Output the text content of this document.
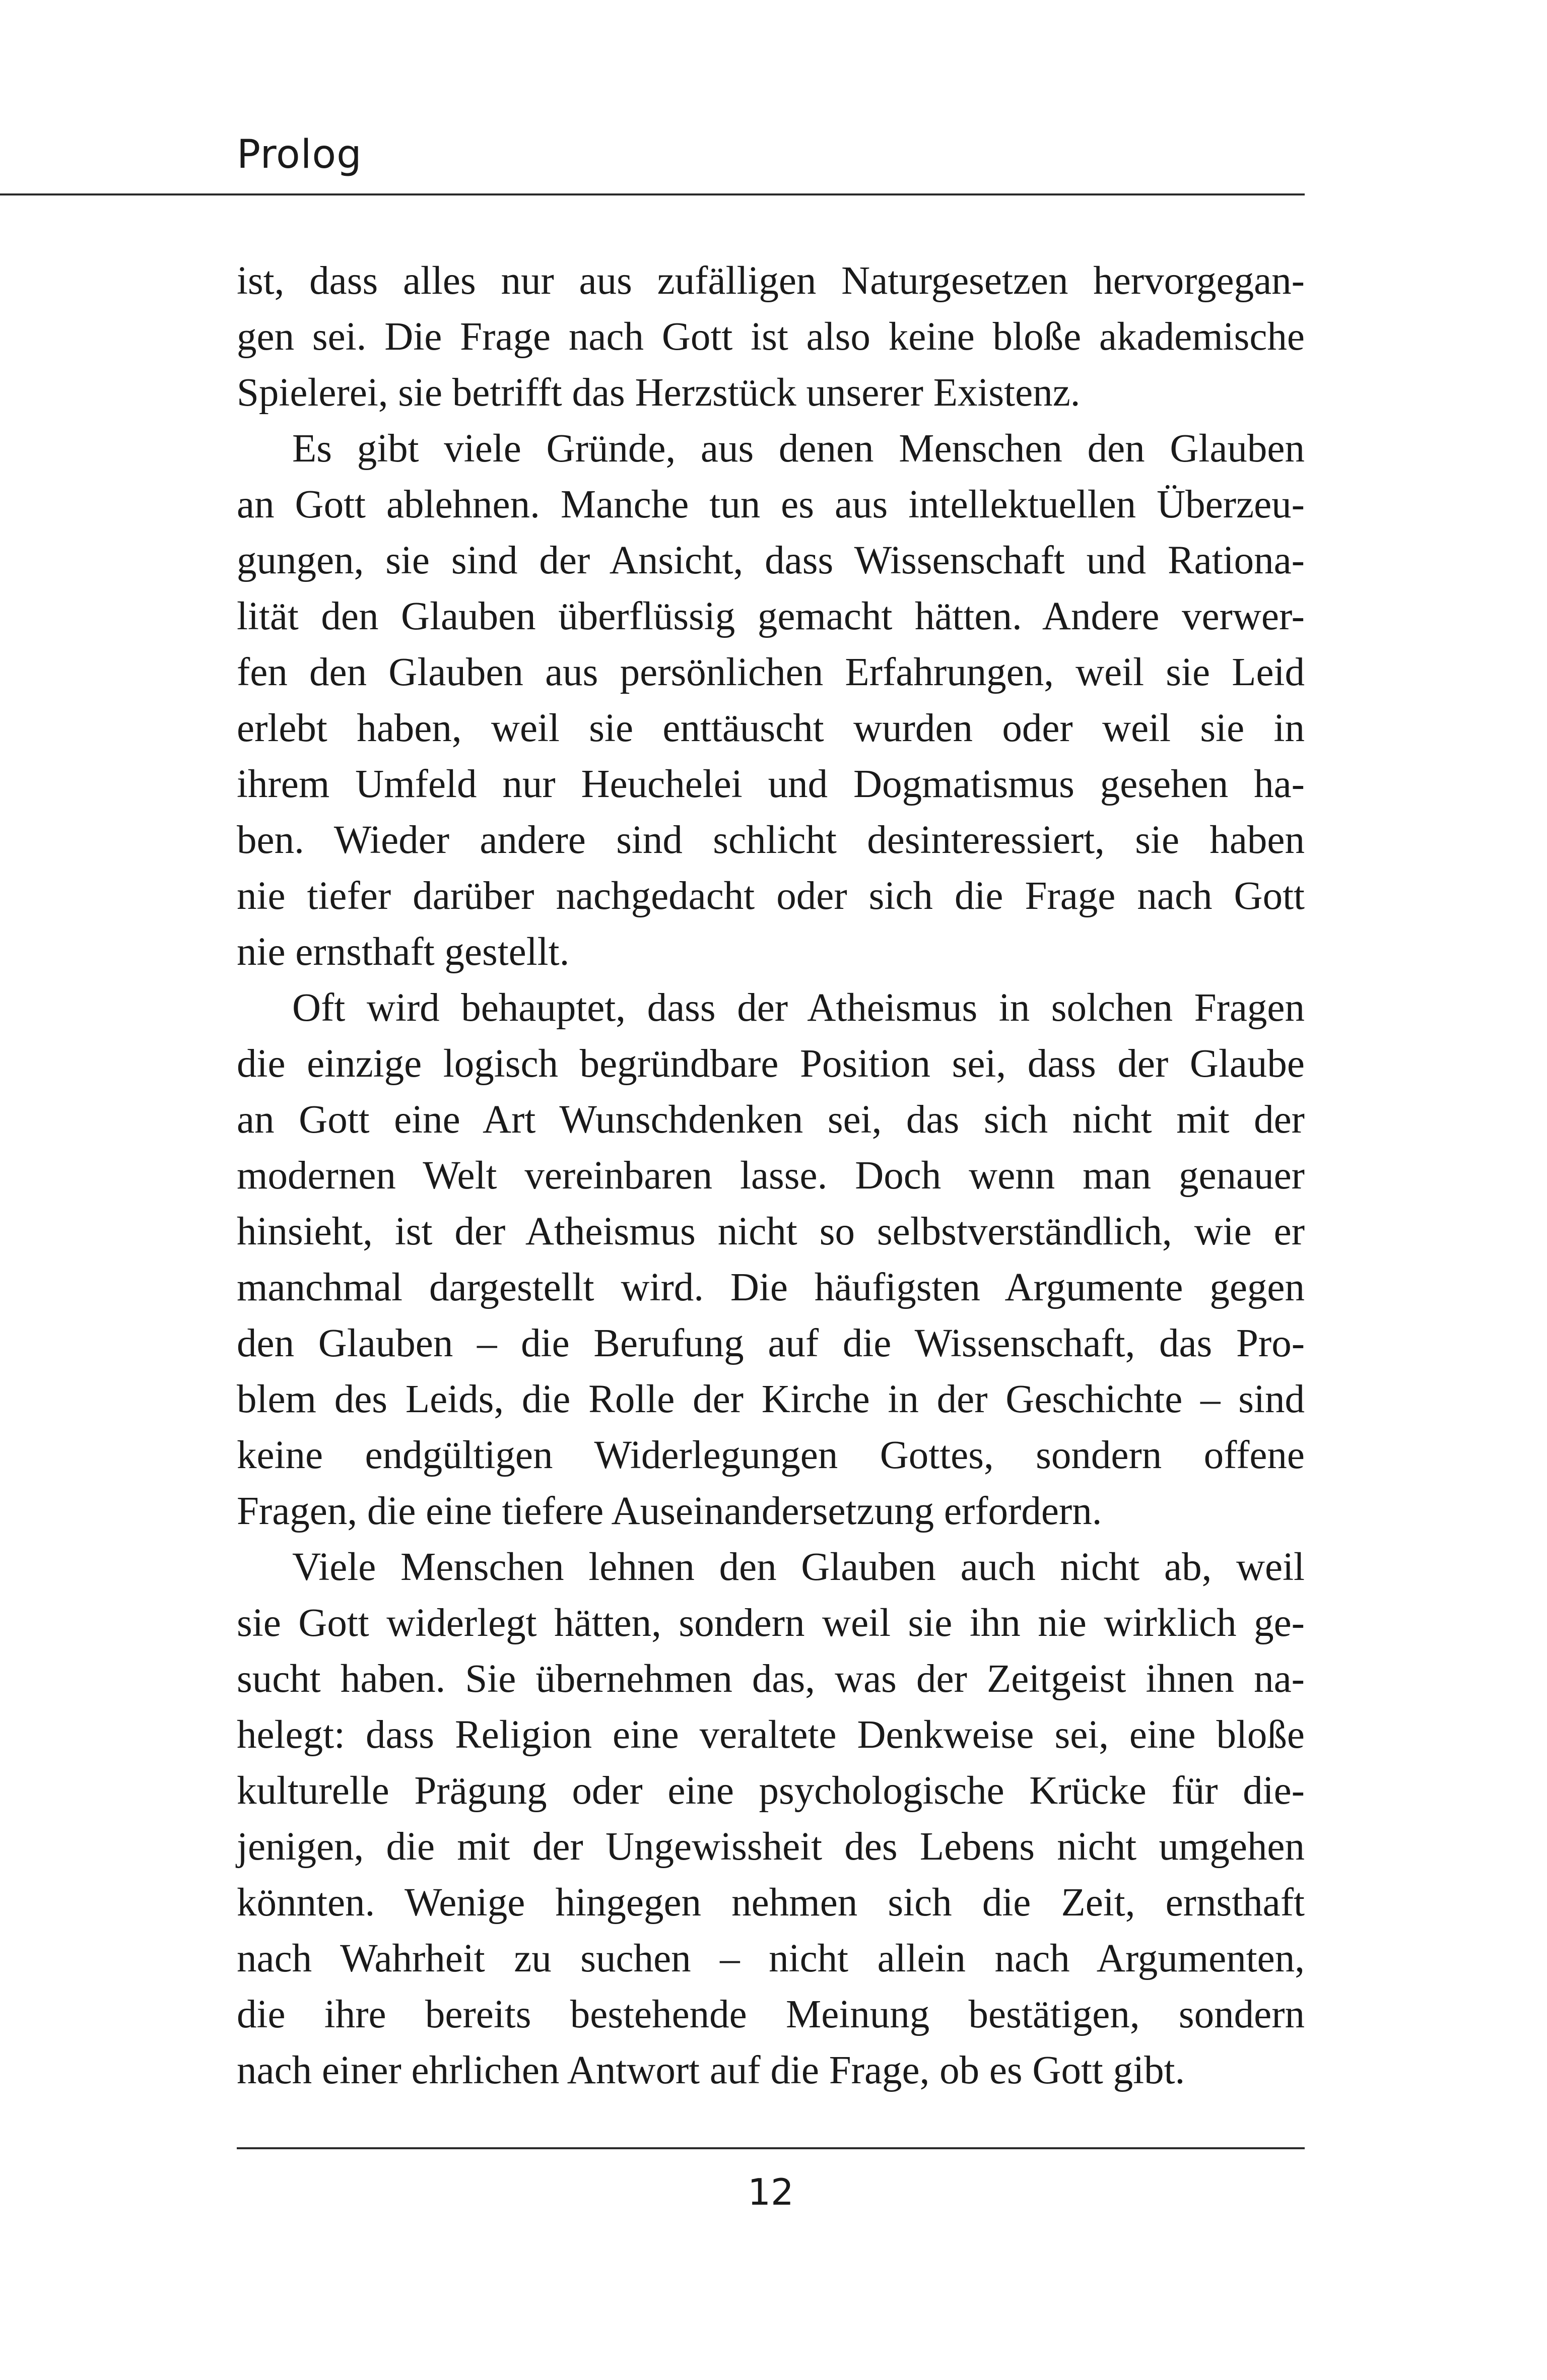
Prolog

ist, dass alles nur aus zufälligen Naturgesetzen hervorgegan-
gen sei. Die Frage nach Gott ist also keine bloße akademische
Spielerei, sie betrifft das Herzstück unserer Existenz.

Es gibt viele Gründe, aus denen Menschen den Glauben
an Gott ablehnen. Manche tun es aus intellektuellen Überzeu-
gungen, sie sind der Ansicht, dass Wissenschaft und Rationa-
lität den Glauben überflüssig gemacht hätten. Andere verwer-
fen den Glauben aus persönlichen Erfahrungen, weil sie Leid
erlebt haben, weil sie enttäuscht wurden oder weil sie in
ihrem Umfeld nur Heuchelei und Dogmatismus gesehen ha-
ben. Wieder andere sind schlicht desinteressiert, sie haben
nie tiefer darüber nachgedacht oder sich die Frage nach Gott
nie ernsthaft gestellt.

Oft wird behauptet, dass der Atheismus in solchen Fragen
die einzige logisch begründbare Position sei, dass der Glaube
an Gott eine Art Wunschdenken sei, das sich nicht mit der
modernen Welt vereinbaren lasse. Doch wenn man genauer
hinsieht, ist der Atheismus nicht so selbstverständlich, wie er
manchmal dargestellt wird. Die häufigsten Argumente gegen
den Glauben – die Berufung auf die Wissenschaft, das Pro-
blem des Leids, die Rolle der Kirche in der Geschichte – sind
keine endgültigen Widerlegungen Gottes, sondern offene
Fragen, die eine tiefere Auseinandersetzung erfordern.

Viele Menschen lehnen den Glauben auch nicht ab, weil
sie Gott widerlegt hätten, sondern weil sie ihn nie wirklich ge-
sucht haben. Sie übernehmen das, was der Zeitgeist ihnen na-
helegt: dass Religion eine veraltete Denkweise sei, eine bloße
kulturelle Prägung oder eine psychologische Krücke für die-
jenigen, die mit der Ungewissheit des Lebens nicht umgehen
könnten. Wenige hingegen nehmen sich die Zeit, ernsthaft
nach Wahrheit zu suchen – nicht allein nach Argumenten,
die ihre bereits bestehende Meinung bestätigen, sondern
nach einer ehrlichen Antwort auf die Frage, ob es Gott gibt.

12
